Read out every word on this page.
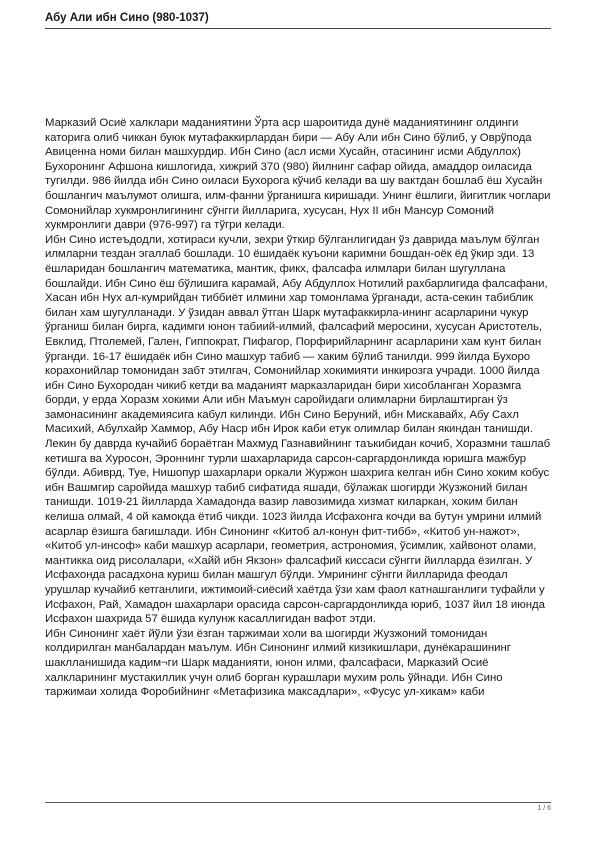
Абу Али ибн Сино (980-1037)

Марказий Осиё халклари маданиятини Ўрта аср шароитида дунё маданиятининг олдинги каторига олиб чиккан буюк мутафаккирлардан бири — Абу Али ибн Сино бўлиб, у Оврўпода Авиценна номи билан машхурдир. Ибн Сино (асл исми Хусайн, отасининг исми Абдуллох) Бухоронинг Афшона кишлогида, хижрий 370 (980) йилнинг сафар ойида, амаддор оиласида тугилди. 986 йилда ибн Сино оиласи Бухорога кўчиб келади ва шу вактдан бошлаб ёш Хусайн бошлангич маълумот олишга, илм-фанни ўрганишга киришади. Унинг ёшлиги, йигитлик чоглари Сомонийлар хукмронлигининг сўнгги йилларига, хусусан, Нух II ибн Мансур Сомоний хукмронлиги даври (976-997) га тўгри келади.

Ибн Сино истеъдодли, хотираси кучли, зехри ўткир бўлганлигидан ўз даврида маълум бўлган илмларни тездан эгаллаб бошлади. 10 ёшидаёк куъони каримни бошдан-оёк ёд ўкир эди. 13 ёшларидан бошлангич математика, мантик, фикх, фалсафа илмлари билан шугуллана бошлайди. Ибн Сино ёш бўлишига карамай, Абу Абдуллох Нотилий рахбарлигида фалсафани, Хасан ибн Нух ал-кумрийдан тиббиёт илмини хар томонлама ўрганади, аста-секин табиблик билан хам шугулланади. У ўзидан аввал ўтган Шарк мутафаккирла-ининг асарларини чукур ўрганиш билан бирга, кадимги юнон табиий-илмий, фалсафий меросини, хусусан Аристотель, Евклид, Птолемей, Гален, Гиппократ, Пифагор, Порфирийларнинг асарларини хам кунт билан ўрганди. 16-17 ёшидаёк ибн Сино машхур табиб — хаким бўлиб танилди. 999 йилда Бухоро корахонийлар томонидан забт этилгач, Сомонийлар хокимияти инкирозга учради. 1000 йилда ибн Сино Бухородан чикиб кетди ва маданият марказларидан бири хисобланган Хоразмга борди, у ерда Хоразм хокими Али ибн Маъмун саройидаги олимларни бирлаштирган ўз замонасининг академиясига кабул килинди. Ибн Сино Беруний, ибн Мискавайх, Абу Сахл Масихий, Абулхайр Хаммор, Абу Наср ибн Ирок каби етук олимлар билан якиндан танишди. Лекин бу даврда кучайиб бораётган Махмуд Газнавийнинг таъкибидан кочиб, Хоразмни ташлаб кетишга ва Хуросон, Эроннинг турли шахарларида сарсон-саргардонликда юришга мажбур бўлди. Абиврд, Туе, Нишопур шахарлари оркали Журжон шахрига келган ибн Сино хоким кобус ибн Вашмгир саройида машхур табиб сифатида яшади, бўлажак шогирди Жузжоний билан танишди. 1019-21 йилларда Хамадонда вазир лавозимида хизмат киларкан, хоким билан келиша олмай, 4 ой камокда ётиб чикди. 1023 йилда Исфахонга кочди ва бутун умрини илмий асарлар ёзишга багишлади. Ибн Синонинг «Китоб ал-конун фит-тибб», «Китоб ун-нажот», «Китоб ул-инсоф» каби машхур асарлари, геометрия, астрономия, ўсимлик, хайвонот олами, мантикка оид рисолалари, «Хайй ибн Якзон» фалсафий киссаси сўнгги йилларда ёзилган. У Исфахонда расадхона куриш билан машгул бўлди. Умрининг сўнгги йилларида феодал урушлар кучайиб кетганлиги, ижтимоий-сиёсий хаётда ўзи хам фаол катнашганлиги туфайли у Исфахон, Рай, Хамадон шахарлари орасида сарсон-саргардонликда юриб, 1037 йил 18 июнда Исфахон шахрида 57 ёшида кулунж касаллигидан вафот этди.

Ибн Синонинг хаёт йўли ўзи ёзган таржимаи холи ва шогирди Жузжоний томонидан колдирилган манбалардан маълум. Ибн Синонинг илмий кизикишлари, дунёкарашининг шаклланишида кадим¬ги Шарк маданияти, юнон илми, фалсафаси, Марказий Осиё халкларининг мустакиллик учун олиб борган курашлари мухим роль ўйнади. Ибн Сино таржимаи холида Форобийнинг «Метафизика максадлари», «Фусус ул-хикам» каби

1 / 6
